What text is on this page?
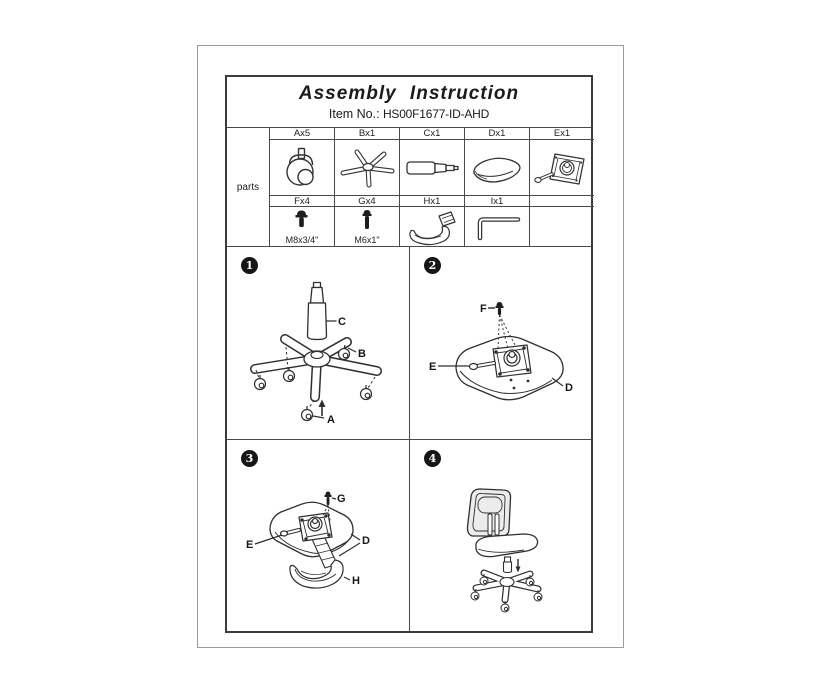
Assembly Instruction
Item No.: HS00F1677-ID-AHD
parts
Ax5	Bx1	Cx1	Dx1	Ex1
Fx4	Gx4	Hx1	Ix1
M8x3/4"	M6x1"
C
B
A
1
F
E
D
2
G
E	D
H
3	4
